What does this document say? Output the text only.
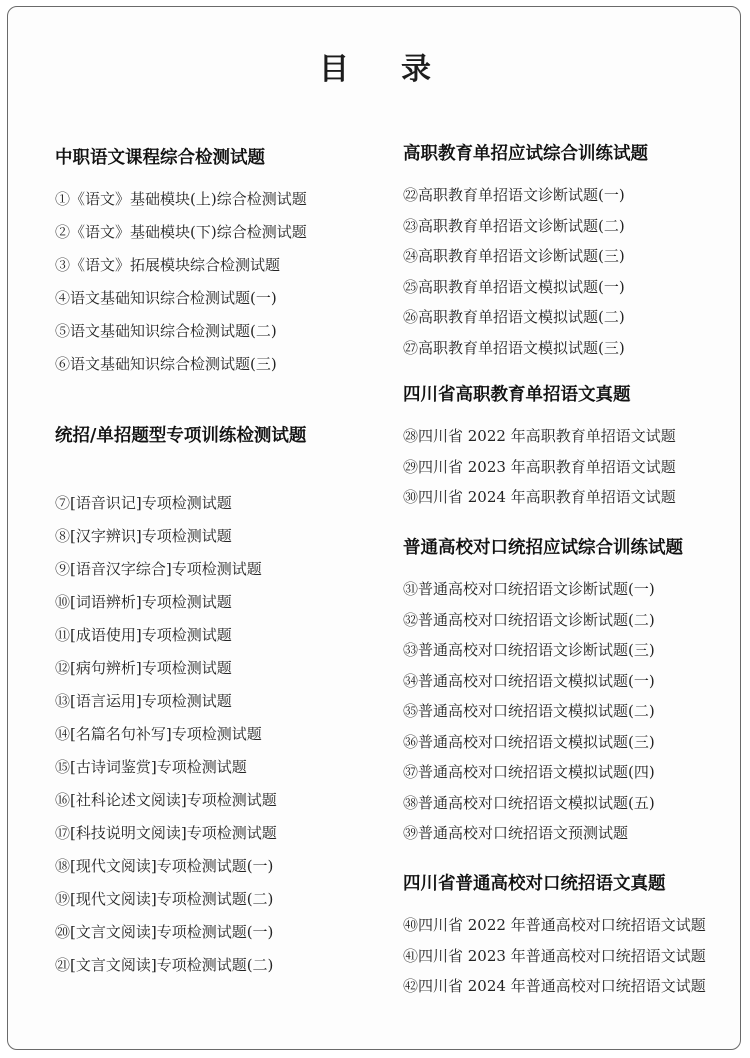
目录
中职语文课程综合检测试题
①《语文》基础模块(上)综合检测试题
②《语文》基础模块(下)综合检测试题
③《语文》拓展模块综合检测试题
④语文基础知识综合检测试题(一)
⑤语文基础知识综合检测试题(二)
⑥语文基础知识综合检测试题(三)
统招/单招题型专项训练检测试题
⑦[语音识记]专项检测试题
⑧[汉字辨识]专项检测试题
⑨[语音汉字综合]专项检测试题
⑩[词语辨析]专项检测试题
⑪[成语使用]专项检测试题
⑫[病句辨析]专项检测试题
⑬[语言运用]专项检测试题
⑭[名篇名句补写]专项检测试题
⑮[古诗词鉴赏]专项检测试题
⑯[社科论述文阅读]专项检测试题
⑰[科技说明文阅读]专项检测试题
⑱[现代文阅读]专项检测试题(一)
⑲[现代文阅读]专项检测试题(二)
⑳[文言文阅读]专项检测试题(一)
㉑[文言文阅读]专项检测试题(二)
高职教育单招应试综合训练试题
㉒高职教育单招语文诊断试题(一)
㉓高职教育单招语文诊断试题(二)
㉔高职教育单招语文诊断试题(三)
㉕高职教育单招语文模拟试题(一)
㉖高职教育单招语文模拟试题(二)
㉗高职教育单招语文模拟试题(三)
四川省高职教育单招语文真题
㉘四川省 2022 年高职教育单招语文试题
㉙四川省 2023 年高职教育单招语文试题
㉚四川省 2024 年高职教育单招语文试题
普通高校对口统招应试综合训练试题
㉛普通高校对口统招语文诊断试题(一)
㉜普通高校对口统招语文诊断试题(二)
㉝普通高校对口统招语文诊断试题(三)
㉞普通高校对口统招语文模拟试题(一)
㉟普通高校对口统招语文模拟试题(二)
㊱普通高校对口统招语文模拟试题(三)
㊲普通高校对口统招语文模拟试题(四)
㊳普通高校对口统招语文模拟试题(五)
㊴普通高校对口统招语文预测试题
四川省普通高校对口统招语文真题
㊵四川省 2022 年普通高校对口统招语文试题
㊶四川省 2023 年普通高校对口统招语文试题
㊷四川省 2024 年普通高校对口统招语文试题
